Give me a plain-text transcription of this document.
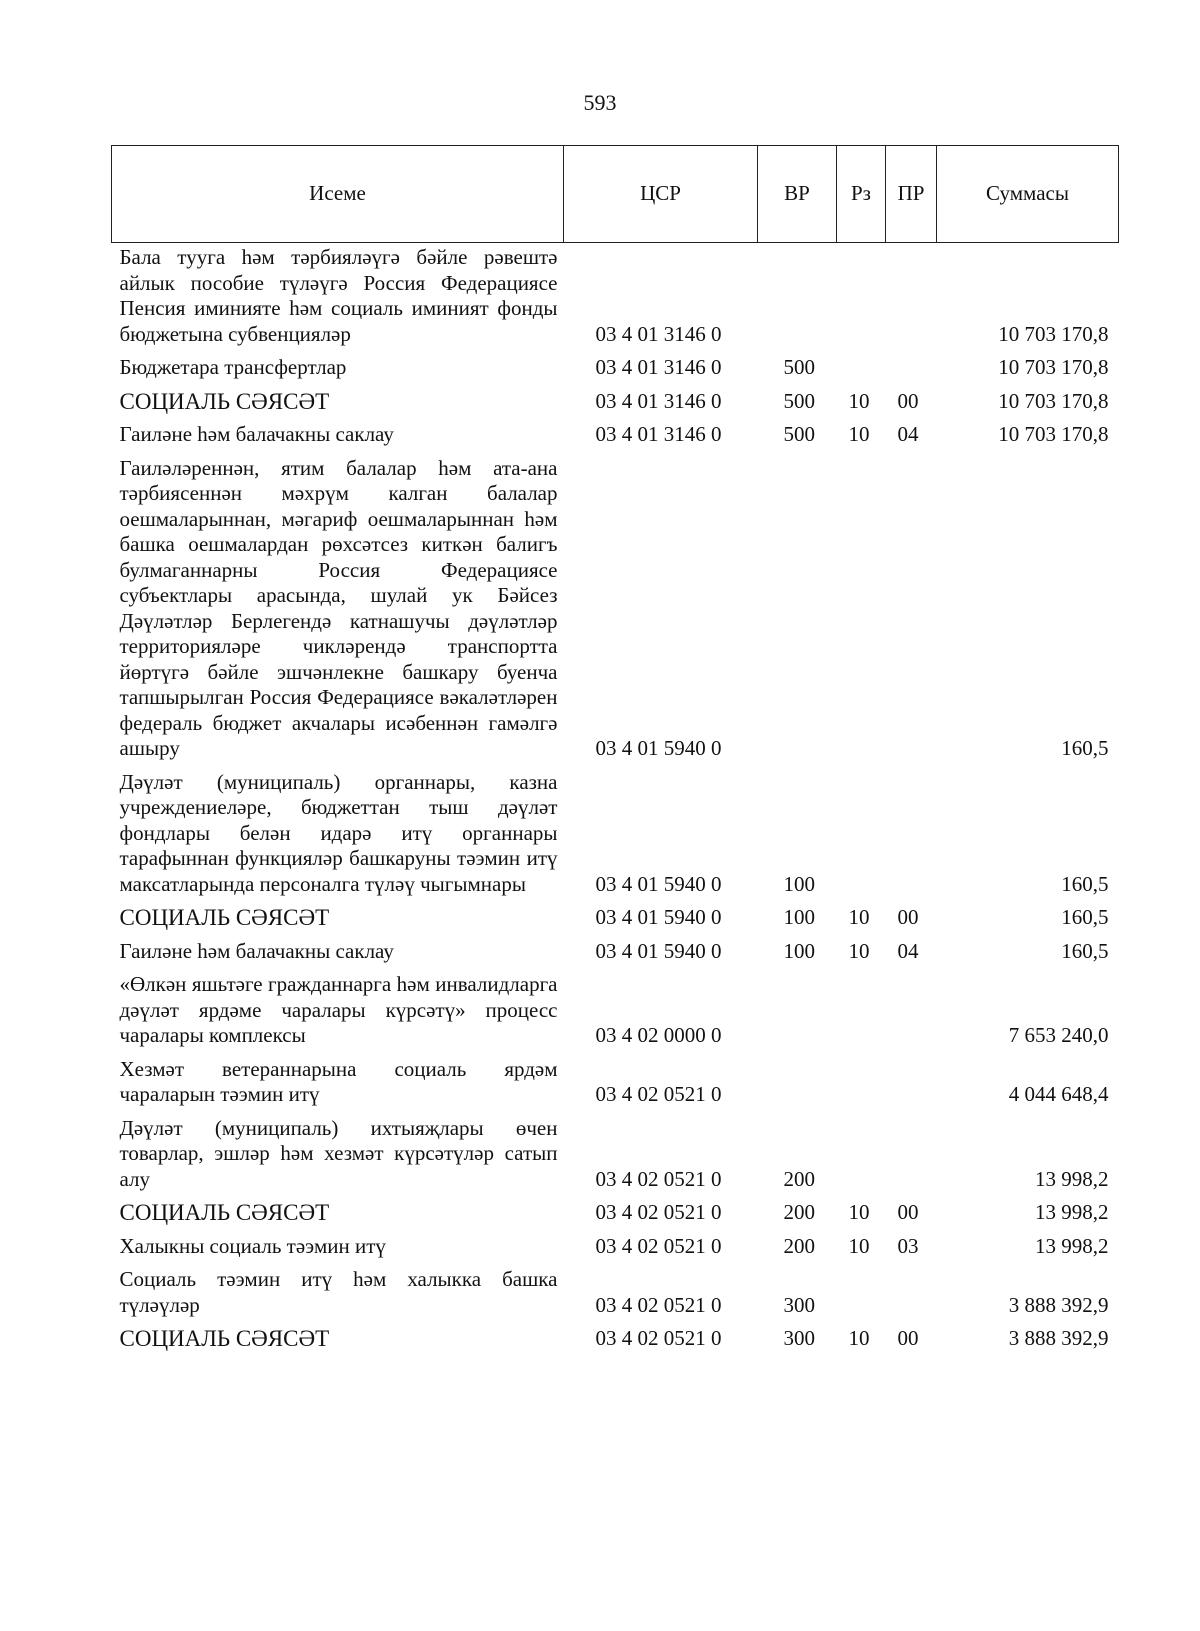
593
Исеме	ЦСР	ВР	Рз	ПР	Суммасы
Бала тууга һәм тәрбияләүгә бәйле рәвештә айлык пособие түләүгә Россия Федерациясе Пенсия иминияте һәм социаль иминият фонды бюджетына субвенцияләр	03 4 01 3146 0				10 703 170,8
Бюджетара трансфертлар	03 4 01 3146 0	500			10 703 170,8
СОЦИАЛЬ СӘЯСӘТ	03 4 01 3146 0	500	10	00	10 703 170,8
Гаиләне һәм балачакны саклау	03 4 01 3146 0	500	10	04	10 703 170,8
Гаиләләреннән, ятим балалар һәм ата-ана тәрбиясеннән мәхрүм калган балалар оешмаларыннан, мәгариф оешмаларыннан һәм башка оешмалардан рөхсәтсез киткән балигъ булмаганнарны Россия Федерациясе субъектлары арасында, шулай ук Бәйсез Дәүләтләр Берлегендә катнашучы дәүләтләр территорияләре чикләрендә транспортта йөртүгә бәйле эшчәнлекне башкару буенча тапшырылган Россия Федерациясе вәкаләтләрен федераль бюджет акчалары исәбеннән гамәлгә ашыру	03 4 01 5940 0				160,5
Дәүләт (муниципаль) органнары, казна учреждениеләре, бюджеттан тыш дәүләт фондлары белән идарә итү органнары тарафыннан функцияләр башкаруны тәэмин итү максатларында персоналга түләү чыгымнары	03 4 01 5940 0	100			160,5
СОЦИАЛЬ СӘЯСӘТ	03 4 01 5940 0	100	10	00	160,5
Гаиләне һәм балачакны саклау	03 4 01 5940 0	100	10	04	160,5
«Өлкән яшьтәге гражданнарга һәм инвалидларга дәүләт ярдәме чаралары күрсәтү» процесс чаралары комплексы	03 4 02 0000 0				7 653 240,0
Хезмәт ветераннарына социаль ярдәм чараларын тәэмин итү	03 4 02 0521 0				4 044 648,4
Дәүләт (муниципаль) ихтыяҗлары өчен товарлар, эшләр һәм хезмәт күрсәтүләр сатып алу	03 4 02 0521 0	200			13 998,2
СОЦИАЛЬ СӘЯСӘТ	03 4 02 0521 0	200	10	00	13 998,2
Халыкны социаль тәэмин итү	03 4 02 0521 0	200	10	03	13 998,2
Социаль тәэмин итү һәм халыкка башка түләүләр	03 4 02 0521 0	300			3 888 392,9
СОЦИАЛЬ СӘЯСӘТ	03 4 02 0521 0	300	10	00	3 888 392,9
